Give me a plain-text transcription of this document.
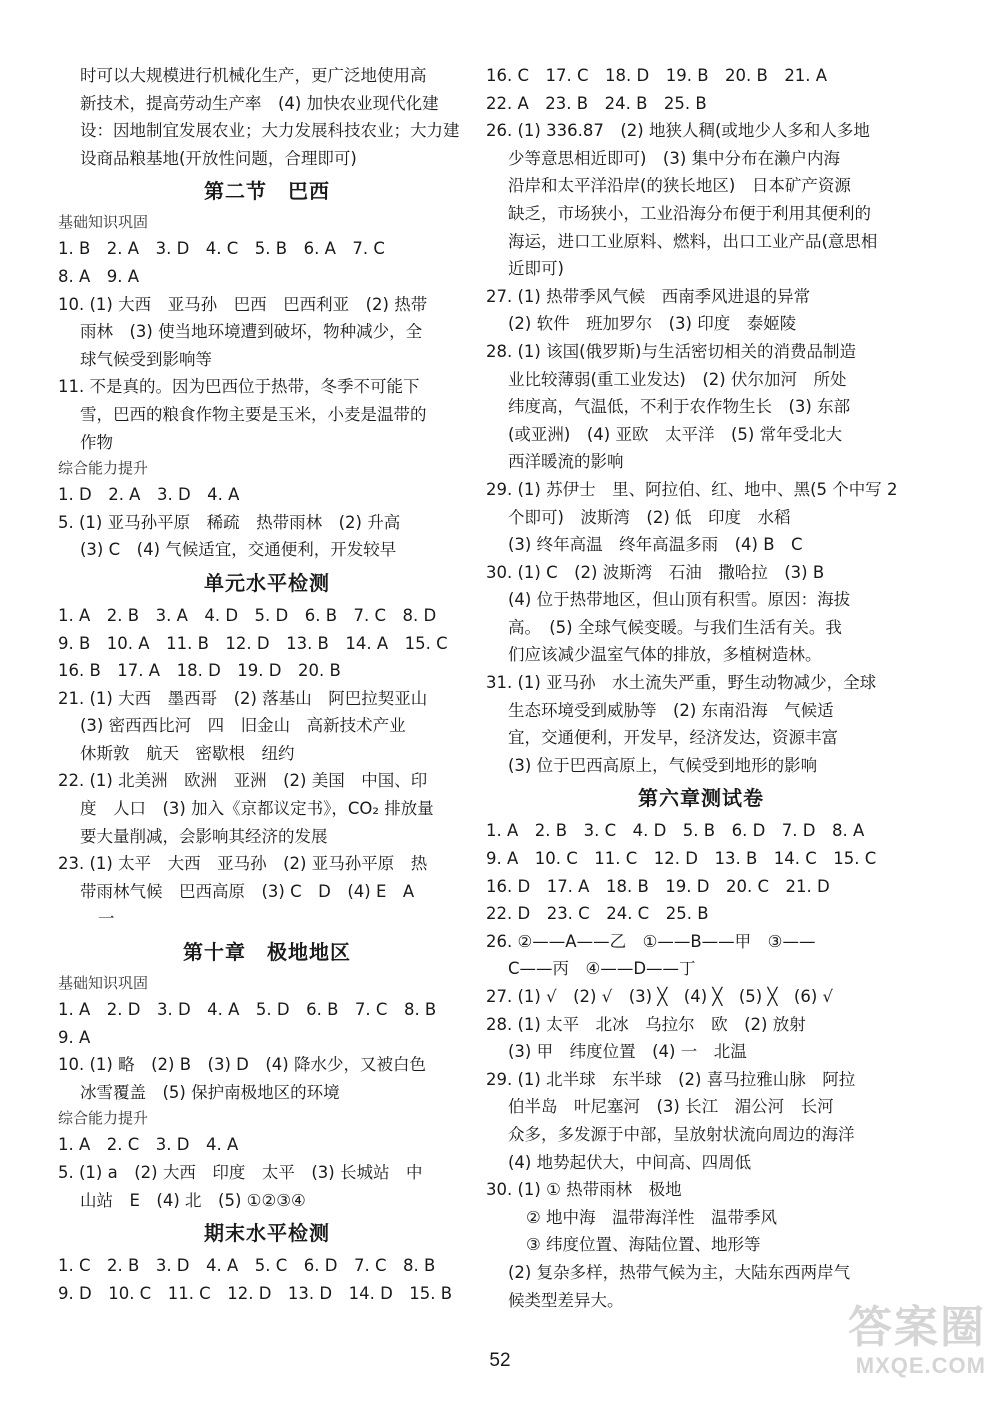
时可以大规模进行机械化生产，更广泛地使用高
新技术，提高劳动生产率　(4) 加快农业现代化建
设：因地制宜发展农业；大力发展科技农业；大力建
设商品粮基地(开放性问题，合理即可)
第二节　巴西
基础知识巩固
1. B　2. A　3. D　4. C　5. B　6. A　7. C
8. A　9. A
10. (1) 大西　亚马孙　巴西　巴西利亚　(2) 热带
雨林　(3) 使当地环境遭到破坏，物种减少，全
球气候受到影响等
11. 不是真的。因为巴西位于热带，冬季不可能下
雪，巴西的粮食作物主要是玉米，小麦是温带的
作物
综合能力提升
1. D　2. A　3. D　4. A
5. (1) 亚马孙平原　稀疏　热带雨林　(2) 升高
(3) C　(4) 气候适宜，交通便利，开发较早
单元水平检测
1. A　2. B　3. A　4. D　5. D　6. B　7. C　8. D
9. B　10. A　11. B　12. D　13. B　14. A　15. C
16. B　17. A　18. D　19. D　20. B
21. (1) 大西　墨西哥　(2) 落基山　阿巴拉契亚山
(3) 密西西比河　四　旧金山　高新技术产业
休斯敦　航天　密歇根　纽约
22. (1) 北美洲　欧洲　亚洲　(2) 美国　中国、印
度　人口　(3) 加入《京都议定书》，CO₂ 排放量
要大量削减，会影响其经济的发展
23. (1) 太平　大西　亚马孙　(2) 亚马孙平原　热
带雨林气候　巴西高原　(3) C　D　(4) E　A
一
第十章　极地地区
基础知识巩固
1. A　2. D　3. D　4. A　5. D　6. B　7. C　8. B
9. A
10. (1) 略　(2) B　(3) D　(4) 降水少，又被白色
冰雪覆盖　(5) 保护南极地区的环境
综合能力提升
1. A　2. C　3. D　4. A
5. (1) a　(2) 大西　印度　太平　(3) 长城站　中
山站　E　(4) 北　(5) ①②③④
期末水平检测
1. C　2. B　3. D　4. A　5. C　6. D　7. C　8. B
9. D　10. C　11. C　12. D　13. D　14. D　15. B
16. C　17. C　18. D　19. B　20. B　21. A
22. A　23. B　24. B　25. B
26. (1) 336.87　(2) 地狭人稠(或地少人多和人多地
少等意思相近即可)　(3) 集中分布在濑户内海
沿岸和太平洋沿岸(的狭长地区)　日本矿产资源
缺乏，市场狭小，工业沿海分布便于利用其便利的
海运，进口工业原料、燃料，出口工业产品(意思相
近即可)
27. (1) 热带季风气候　西南季风进退的异常
(2) 软件　班加罗尔　(3) 印度　泰姬陵
28. (1) 该国(俄罗斯)与生活密切相关的消费品制造
业比较薄弱(重工业发达)　(2) 伏尔加河　所处
纬度高，气温低，不利于农作物生长　(3) 东部
(或亚洲)　(4) 亚欧　太平洋　(5) 常年受北大
西洋暖流的影响
29. (1) 苏伊士　里、阿拉伯、红、地中、黑(5 个中写 2
个即可)　波斯湾　(2) 低　印度　水稻
(3) 终年高温　终年高温多雨　(4) B　C
30. (1) C　(2) 波斯湾　石油　撒哈拉　(3) B
(4) 位于热带地区，但山顶有积雪。原因：海拔
高。　(5) 全球气候变暖。与我们生活有关。我
们应该减少温室气体的排放，多植树造林。
31. (1) 亚马孙　水土流失严重，野生动物减少，全球
生态环境受到威胁等　(2) 东南沿海　气候适
宜，交通便利，开发早，经济发达，资源丰富
(3) 位于巴西高原上，气候受到地形的影响
第六章测试卷
1. A　2. B　3. C　4. D　5. B　6. D　7. D　8. A
9. A　10. C　11. C　12. D　13. B　14. C　15. C
16. D　17. A　18. B　19. D　20. C　21. D
22. D　23. C　24. C　25. B
26. ②——A——乙　①——B——甲　③——
C——丙　④——D——丁
27. (1) √　(2) √　(3) ╳　(4) ╳　(5) ╳　(6) √
28. (1) 太平　北冰　乌拉尔　欧　(2) 放射
(3) 甲　纬度位置　(4) 一　北温
29. (1) 北半球　东半球　(2) 喜马拉雅山脉　阿拉
伯半岛　叶尼塞河　(3) 长江　湄公河　长河
众多，多发源于中部，呈放射状流向周边的海洋
(4) 地势起伏大，中间高、四周低
30. (1) ① 热带雨林　极地
② 地中海　温带海洋性　温带季风
③ 纬度位置、海陆位置、地形等
(2) 复杂多样，热带气候为主，大陆东西两岸气
候类型差异大。
52
答案圈
MXQE.COM
